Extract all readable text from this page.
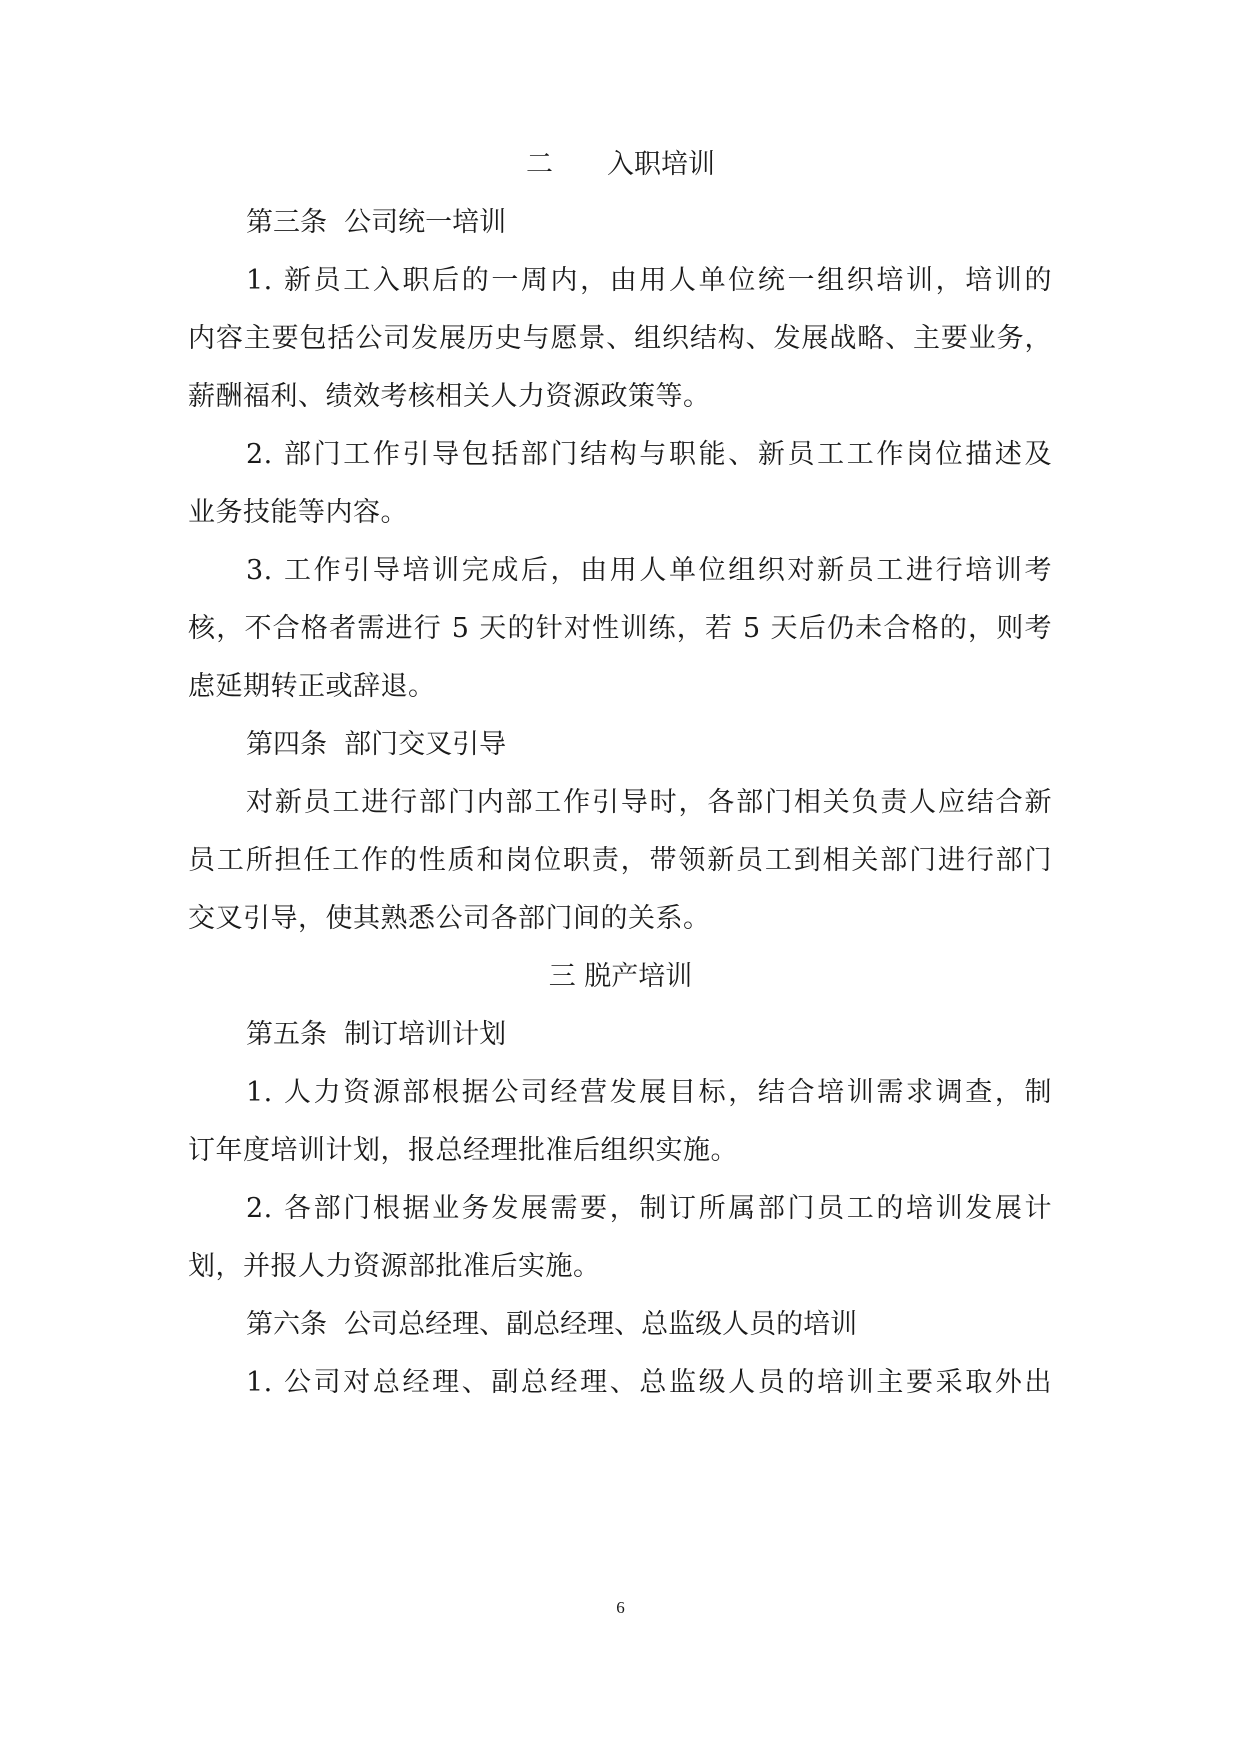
二　　入职培训
第三条  公司统一培训
1. 新员工入职后的一周内，由用人单位统一组织培训，培训的
内容主要包括公司发展历史与愿景、组织结构、发展战略、主要业务，
薪酬福利、绩效考核相关人力资源政策等。
2. 部门工作引导包括部门结构与职能、新员工工作岗位描述及
业务技能等内容。
3. 工作引导培训完成后，由用人单位组织对新员工进行培训考
核，不合格者需进行 5 天的针对性训练，若 5 天后仍未合格的，则考
虑延期转正或辞退。
第四条  部门交叉引导
对新员工进行部门内部工作引导时，各部门相关负责人应结合新
员工所担任工作的性质和岗位职责，带领新员工到相关部门进行部门
交叉引导，使其熟悉公司各部门间的关系。
三 脱产培训
第五条  制订培训计划
1. 人力资源部根据公司经营发展目标，结合培训需求调查，制
订年度培训计划，报总经理批准后组织实施。
2. 各部门根据业务发展需要，制订所属部门员工的培训发展计
划，并报人力资源部批准后实施。
第六条  公司总经理、副总经理、总监级人员的培训
1. 公司对总经理、副总经理、总监级人员的培训主要采取外出
6
